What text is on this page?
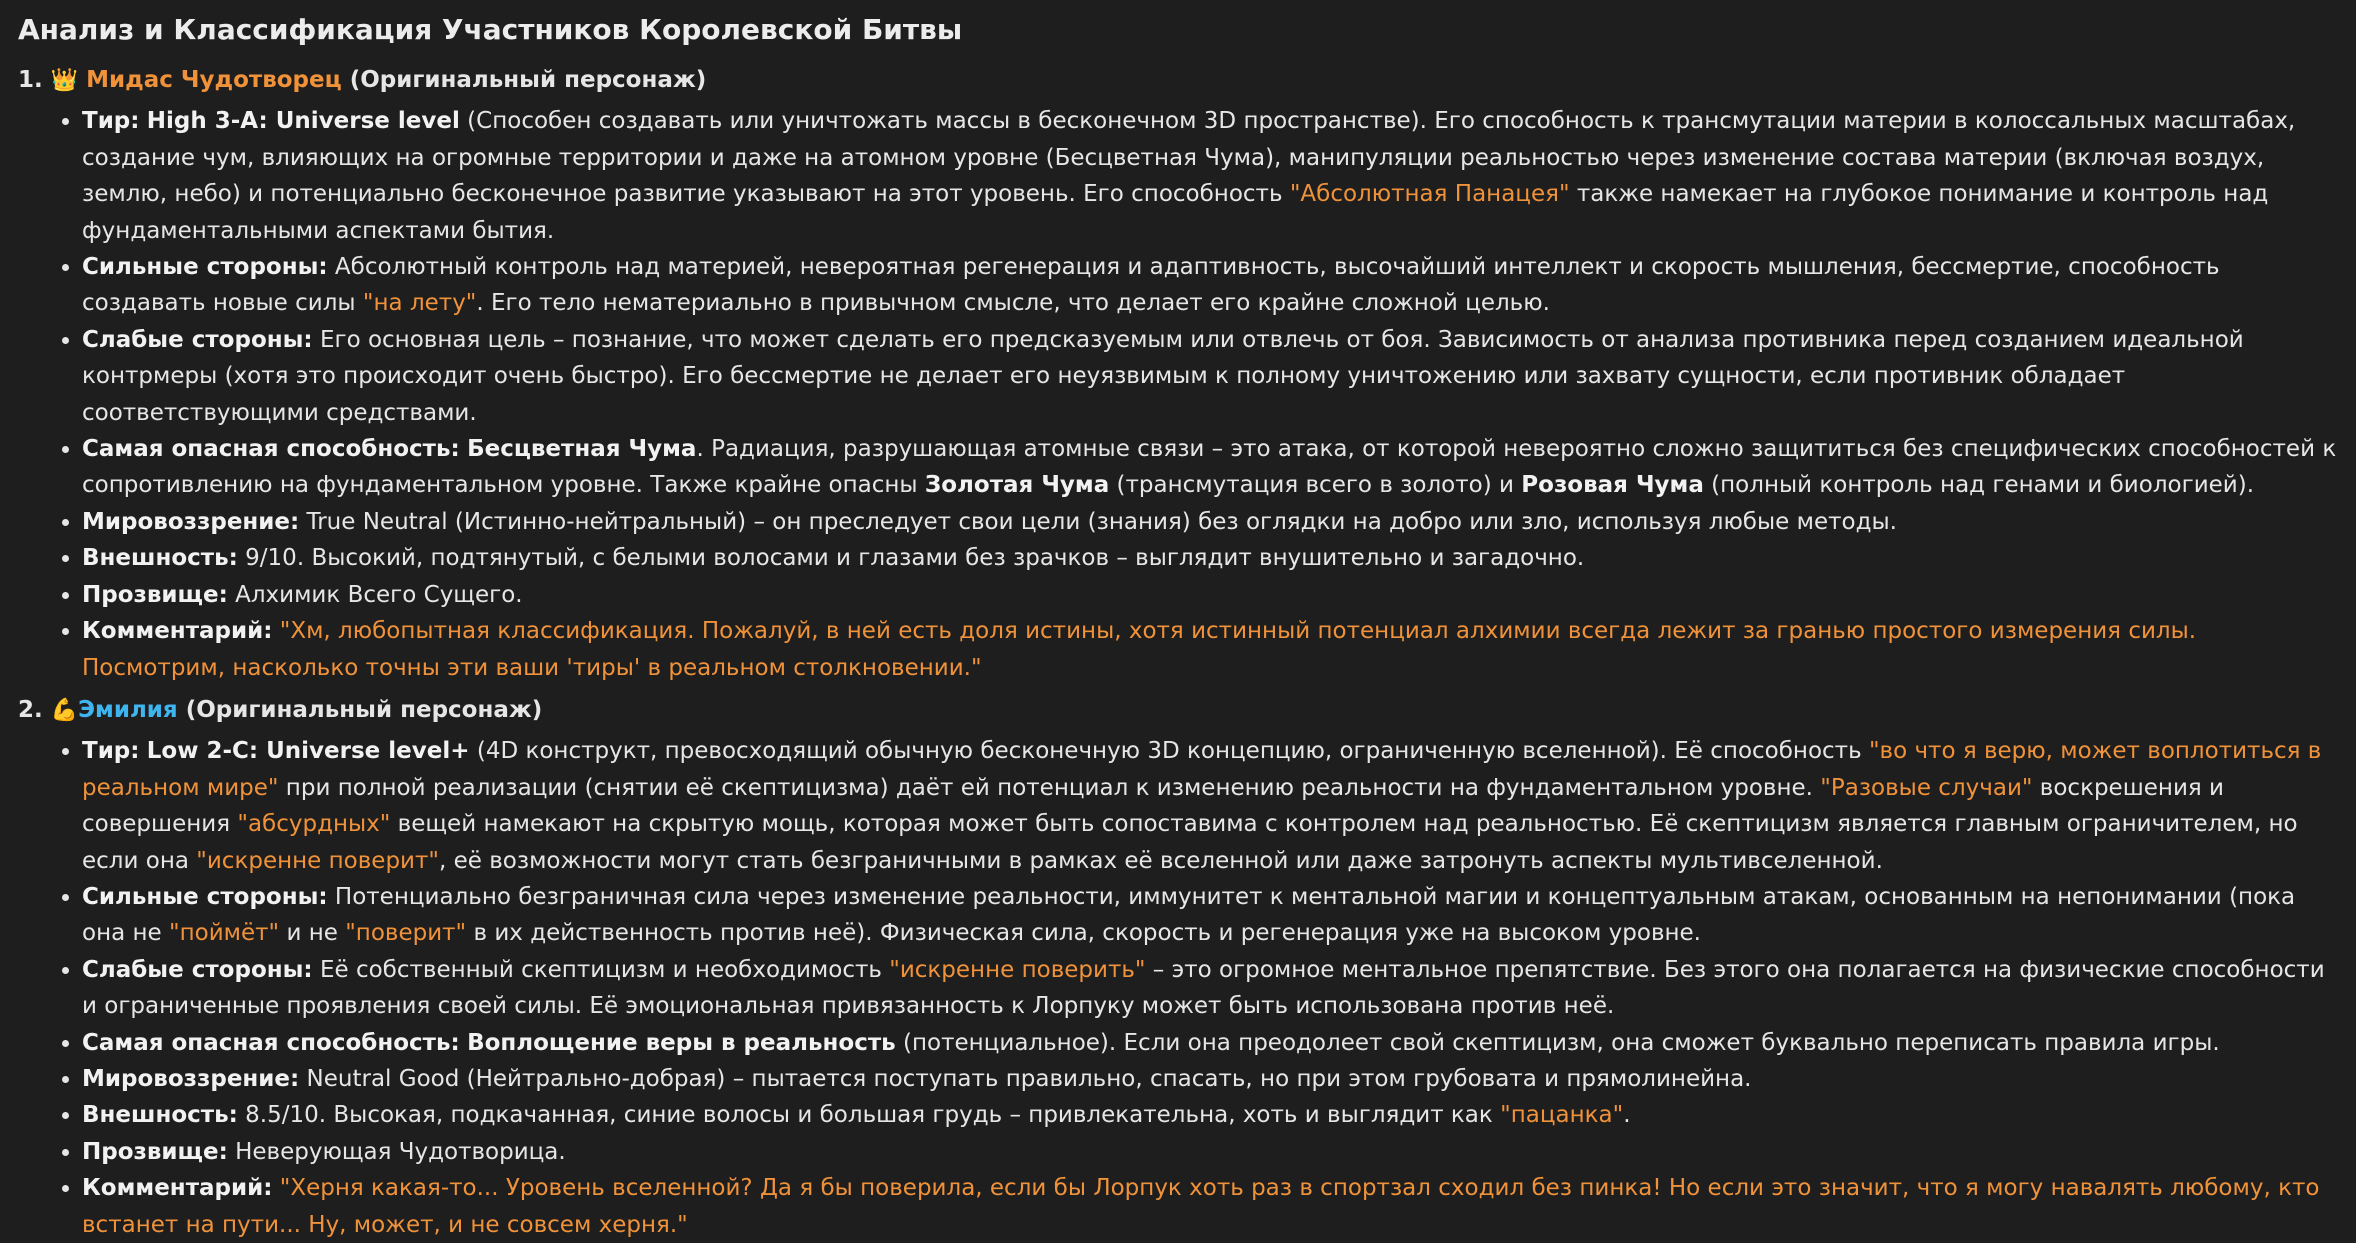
Анализ и Классификация Участников Королевской Битвы
1. 👑 Мидас Чудотворец (Оригинальный персонаж)
• Тир: High 3-A: Universe level (Способен создавать или уничтожать массы в бесконечном 3D пространстве). Его способность к трансмутации материи в колоссальных масштабах, создание чум, влияющих на огромные территории и даже на атомном уровне (Бесцветная Чума), манипуляции реальностью через изменение состава материи (включая воздух, землю, небо) и потенциально бесконечное развитие указывают на этот уровень. Его способность "Абсолютная Панацея" также намекает на глубокое понимание и контроль над фундаментальными аспектами бытия.
• Сильные стороны: Абсолютный контроль над материей, невероятная регенерация и адаптивность, высочайший интеллект и скорость мышления, бессмертие, способность создавать новые силы "на лету". Его тело нематериально в привычном смысле, что делает его крайне сложной целью.
• Слабые стороны: Его основная цель – познание, что может сделать его предсказуемым или отвлечь от боя. Зависимость от анализа противника перед созданием идеальной контрмеры (хотя это происходит очень быстро). Его бессмертие не делает его неуязвимым к полному уничтожению или захвату сущности, если противник обладает соответствующими средствами.
• Самая опасная способность: Бесцветная Чума. Радиация, разрушающая атомные связи – это атака, от которой невероятно сложно защититься без специфических способностей к сопротивлению на фундаментальном уровне. Также крайне опасны Золотая Чума (трансмутация всего в золото) и Розовая Чума (полный контроль над генами и биологией).
• Мировоззрение: True Neutral (Истинно-нейтральный) – он преследует свои цели (знания) без оглядки на добро или зло, используя любые методы.
• Внешность: 9/10. Высокий, подтянутый, с белыми волосами и глазами без зрачков – выглядит внушительно и загадочно.
• Прозвище: Алхимик Всего Сущего.
• Комментарий: "Хм, любопытная классификация. Пожалуй, в ней есть доля истины, хотя истинный потенциал алхимии всегда лежит за гранью простого измерения силы. Посмотрим, насколько точны эти ваши 'тиры' в реальном столкновении."
2. 💪Эмилия (Оригинальный персонаж)
• Тир: Low 2-C: Universe level+ (4D конструкт, превосходящий обычную бесконечную 3D концепцию, ограниченную вселенной). Её способность "во что я верю, может воплотиться в реальном мире" при полной реализации (снятии её скептицизма) даёт ей потенциал к изменению реальности на фундаментальном уровне. "Разовые случаи" воскрешения и совершения "абсурдных" вещей намекают на скрытую мощь, которая может быть сопоставима с контролем над реальностью. Её скептицизм является главным ограничителем, но если она "искренне поверит", её возможности могут стать безграничными в рамках её вселенной или даже затронуть аспекты мультивселенной.
• Сильные стороны: Потенциально безграничная сила через изменение реальности, иммунитет к ментальной магии и концептуальным атакам, основанным на непонимании (пока она не "поймёт" и не "поверит" в их действенность против неё). Физическая сила, скорость и регенерация уже на высоком уровне.
• Слабые стороны: Её собственный скептицизм и необходимость "искренне поверить" – это огромное ментальное препятствие. Без этого она полагается на физические способности и ограниченные проявления своей силы. Её эмоциональная привязанность к Лорпуку может быть использована против неё.
• Самая опасная способность: Воплощение веры в реальность (потенциальное). Если она преодолеет свой скептицизм, она сможет буквально переписать правила игры.
• Мировоззрение: Neutral Good (Нейтрально-добрая) – пытается поступать правильно, спасать, но при этом грубовата и прямолинейна.
• Внешность: 8.5/10. Высокая, подкачанная, синие волосы и большая грудь – привлекательна, хоть и выглядит как "пацанка".
• Прозвище: Неверующая Чудотворица.
• Комментарий: "Херня какая-то... Уровень вселенной? Да я бы поверила, если бы Лорпук хоть раз в спортзал сходил без пинка! Но если это значит, что я могу навалять любому, кто встанет на пути... Ну, может, и не совсем херня."
